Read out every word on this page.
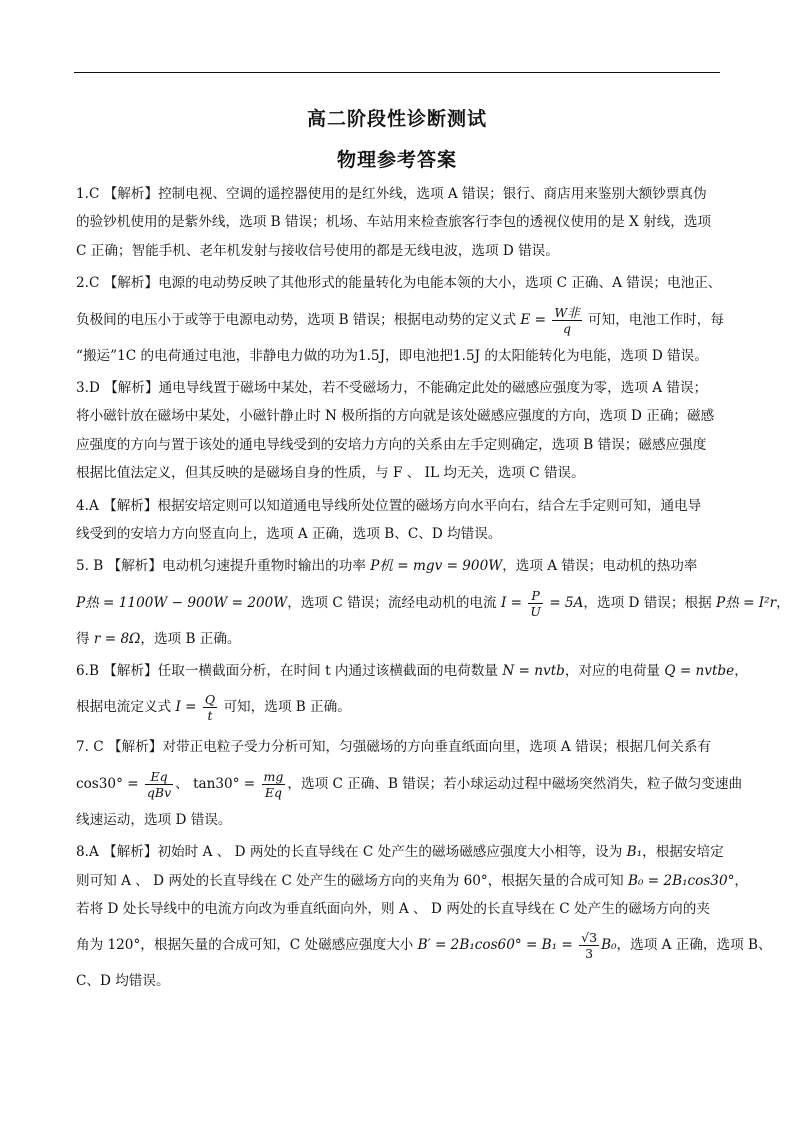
高二阶段性诊断测试
物理参考答案
1.C 【解析】控制电视、空调的遥控器使用的是红外线，选项 A 错误；银行、商店用来鉴别大额钞票真伪
的验钞机使用的是紫外线，选项 B 错误；机场、车站用来检查旅客行李包的透视仪使用的是 X 射线，选项
C 正确；智能手机、老年机发射与接收信号使用的都是无线电波，选项 D 错误。
2.C 【解析】电源的电动势反映了其他形式的能量转化为电能本领的大小，选项 C 正确、A 错误；电池正、
负极间的电压小于或等于电源电动势，选项 B 错误；根据电动势的定义式 $E = \frac{\text{W非}}{q}$ 可知，电池工作时，每
“搬运”1C 的电荷通过电池，非静电力做的功为1.5J，即电池把1.5J 的太阳能转化为电能，选项 D 错误。
3.D 【解析】通电导线置于磁场中某处，若不受磁场力，不能确定此处的磁感应强度为零，选项 A 错误；
将小磁针放在磁场中某处，小磁针静止时 N 极所指的方向就是该处磁感应强度的方向，选项 D 正确；磁感
应强度的方向与置于该处的通电导线受到的安培力方向的关系由左手定则确定，选项 B 错误；磁感应强度
根据比值法定义，但其反映的是磁场自身的性质，与 F 、 IL 均无关，选项 C 错误。
4.A 【解析】根据安培定则可以知道通电导线所处位置的磁场方向水平向右，结合左手定则可知，通电导
线受到的安培力方向竖直向上，选项 A 正确，选项 B、C、D 均错误。
5. B 【解析】电动机匀速提升重物时输出的功率 P机 = mgv = 900W，选项 A 错误；电动机的热功率
P热 = 1100W − 900W = 200W，选项 C 错误；流经电动机的电流 $I = \frac{P}{U} = 5A$，选项 D 错误；根据 P热 = I²r，
得 r = 8Ω，选项 B 正确。
6.B 【解析】任取一横截面分析，在时间 t 内通过该横截面的电荷数量 N = nvtb，对应的电荷量 Q = nvtbe，
根据电流定义式 $I = \frac{Q}{t}$ 可知，选项 B 正确。
7. C 【解析】对带正电粒子受力分析可知，匀强磁场的方向垂直纸面向里，选项 A 错误；根据几何关系有
$\cos 30^\circ = \frac{Eq}{\text{qBv}}$ 、 $\tan 30^\circ = \frac{mg}{Eq}$ ，选项 C 正确、B 错误；若小球运动过程中磁场突然消失，粒子做匀变速曲
线速运动，选项 D 错误。
8.A 【解析】初始时 A 、 D 两处的长直导线在 C 处产生的磁场磁感应强度大小相等，设为 B₁，根据安培定
则可知 A 、 D 两处的长直导线在 C 处产生的磁场方向的夹角为 60°，根据矢量的合成可知 B₀ = 2B₁cos30°，
若将 D 处长导线中的电流方向改为垂直纸面向外，则 A 、 D 两处的长直导线在 C 处产生的磁场方向的夹
角为 120°，根据矢量的合成可知，C 处磁感应强度大小 $B' = 2B_1\cos 60^\circ = B_1 = \frac{√3}{3} B_0$，选项 A 正确，选项 B、
C、D 均错误。
